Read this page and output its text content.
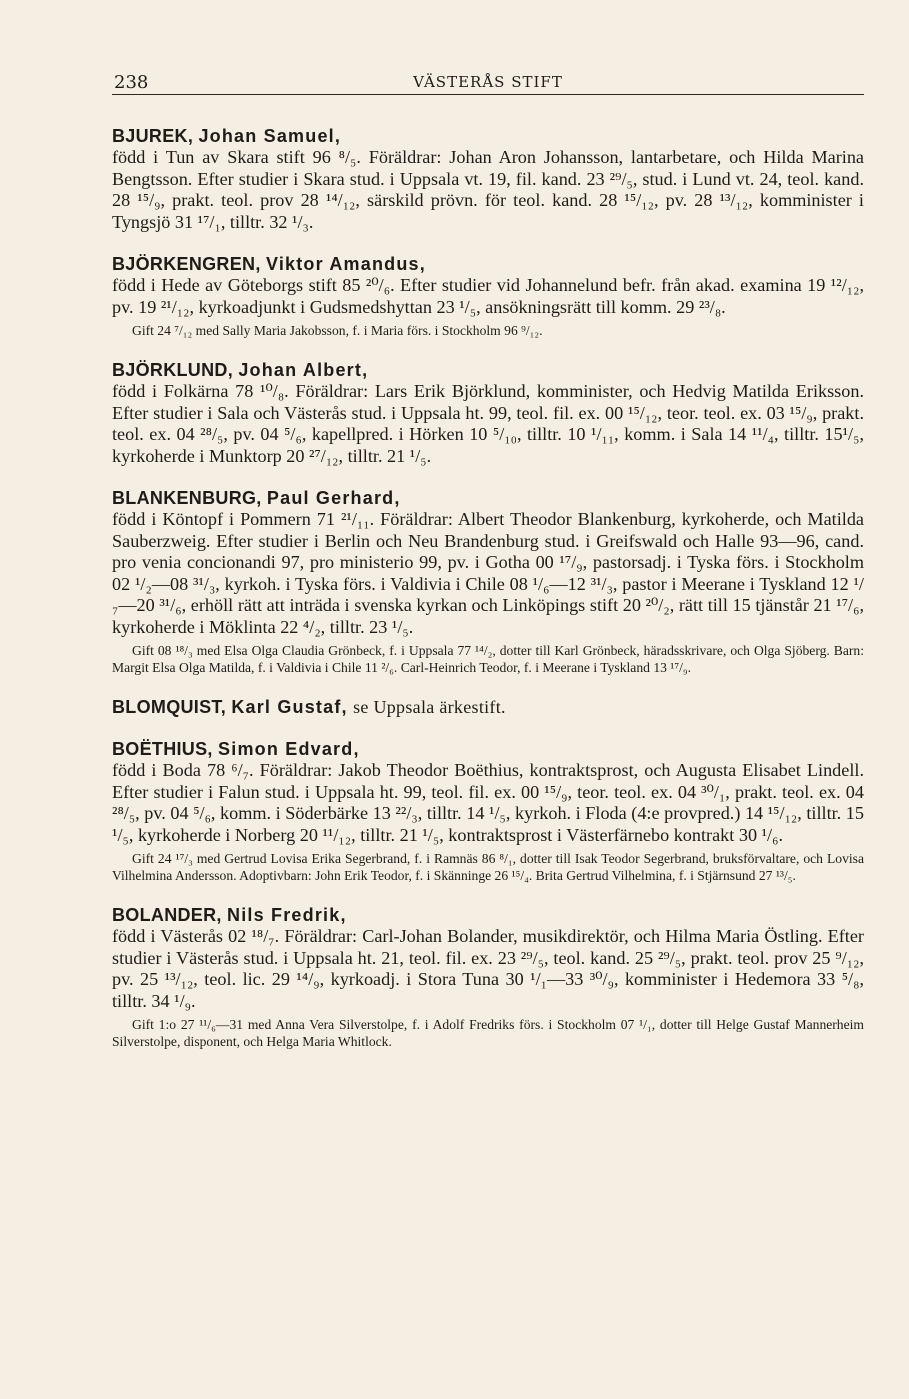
238	VÄSTERÅS STIFT
BJUREK, Johan Samuel,
född i Tun av Skara stift 96 ⁸/₅. Föräldrar: Johan Aron Johansson, lantarbetare, och Hilda Marina Bengtsson. Efter studier i Skara stud. i Uppsala vt. 19, fil. kand. 23 ²⁹/₅, stud. i Lund vt. 24, teol. kand. 28 ¹⁵/₉, prakt. teol. prov 28 ¹⁴/₁₂, särskild prövn. för teol. kand. 28 ¹⁵/₁₂, pv. 28 ¹³/₁₂, komminister i Tyngsjö 31 ¹⁷/₁, tilltr. 32 ¹/₃.
BJÖRKENGREN, Viktor Amandus,
född i Hede av Göteborgs stift 85 ²⁰/₆. Efter studier vid Johannelund befr. från akad. examina 19 ¹²/₁₂, pv. 19 ²¹/₁₂, kyrkoadjunkt i Gudsmedshyttan 23 ¹/₅, ansökningsrätt till komm. 29 ²³/₈.
Gift 24 ⁷/₁₂ med Sally Maria Jakobsson, f. i Maria förs. i Stockholm 96 ⁹/₁₂.
BJÖRKLUND, Johan Albert,
född i Folkärna 78 ¹⁰/₈. Föräldrar: Lars Erik Björklund, komminister, och Hedvig Matilda Eriksson. Efter studier i Sala och Västerås stud. i Uppsala ht. 99, teol. fil. ex. 00 ¹⁵/₁₂, teor. teol. ex. 03 ¹⁵/₉, prakt. teol. ex. 04 ²⁸/₅, pv. 04 ⁵/₆, kapellpred. i Hörken 10 ⁵/₁₀, tilltr. 10 ¹/₁₁, komm. i Sala 14 ¹¹/₄, tilltr. 15¹/₅, kyrkoherde i Munktorp 20 ²⁷/₁₂, tilltr. 21 ¹/₅.
BLANKENBURG, Paul Gerhard,
född i Köntopf i Pommern 71 ²¹/₁₁. Föräldrar: Albert Theodor Blankenburg, kyrkoherde, och Matilda Sauberzweig. Efter studier i Berlin och Neu Brandenburg stud. i Greifswald och Halle 93—96, cand. pro venia concionandi 97, pro ministerio 99, pv. i Gotha 00 ¹⁷/₉, pastorsadj. i Tyska förs. i Stockholm 02 ¹/₂—08 ³¹/₃, kyrkoh. i Tyska förs. i Valdivia i Chile 08 ¹/₆—12 ³¹/₃, pastor i Meerane i Tyskland 12 ¹/₇—20 ³¹/₆, erhöll rätt att inträda i svenska kyrkan och Linköpings stift 20 ²⁰/₂, rätt till 15 tjänstår 21 ¹⁷/₆, kyrkoherde i Möklinta 22 ⁴/₂, tilltr. 23 ¹/₅.
Gift 08 ¹⁸/₃ med Elsa Olga Claudia Grönbeck, f. i Uppsala 77 ¹⁴/₂, dotter till Karl Grönbeck, häradsskrivare, och Olga Sjöberg. Barn: Margit Elsa Olga Matilda, f. i Valdivia i Chile 11 ²/₆. Carl-Heinrich Teodor, f. i Meerane i Tyskland 13 ¹⁷/₉.
BLOMQUIST, Karl Gustaf, se Uppsala ärkestift.
BOËTHIUS, Simon Edvard,
född i Boda 78 ⁶/₇. Föräldrar: Jakob Theodor Boëthius, kontraktsprost, och Augusta Elisabet Lindell. Efter studier i Falun stud. i Uppsala ht. 99, teol. fil. ex. 00 ¹⁵/₉, teor. teol. ex. 04 ³⁰/₁, prakt. teol. ex. 04 ²⁸/₅, pv. 04 ⁵/₆, komm. i Söderbärke 13 ²²/₃, tilltr. 14 ¹/₅, kyrkoh. i Floda (4:e provpred.) 14 ¹⁵/₁₂, tilltr. 15 ¹/₅, kyrkoherde i Norberg 20 ¹¹/₁₂, tilltr. 21 ¹/₅, kontraktsprost i Västerfärnebo kontrakt 30 ¹/₆.
Gift 24 ¹⁷/₃ med Gertrud Lovisa Erika Segerbrand, f. i Ramnäs 86 ⁸/₁, dotter till Isak Teodor Segerbrand, bruksförvaltare, och Lovisa Vilhelmina Andersson. Adoptivbarn: John Erik Teodor, f. i Skänninge 26 ¹⁵/₄. Brita Gertrud Vilhelmina, f. i Stjärnsund 27 ¹³/₅.
BOLANDER, Nils Fredrik,
född i Västerås 02 ¹⁸/₇. Föräldrar: Carl-Johan Bolander, musikdirektör, och Hilma Maria Östling. Efter studier i Västerås stud. i Uppsala ht. 21, teol. fil. ex. 23 ²⁹/₅, teol. kand. 25 ²⁹/₅, prakt. teol. prov 25 ⁹/₁₂, pv. 25 ¹³/₁₂, teol. lic. 29 ¹⁴/₉, kyrkoadj. i Stora Tuna 30 ¹/₁—33 ³⁰/₉, komminister i Hedemora 33 ⁵/₈, tilltr. 34 ¹/₉.
Gift 1:o 27 ¹¹/₆—31 med Anna Vera Silverstolpe, f. i Adolf Fredriks förs. i Stockholm 07 ¹/₁, dotter till Helge Gustaf Mannerheim Silverstolpe, disponent, och Helga Maria Whitlock.
